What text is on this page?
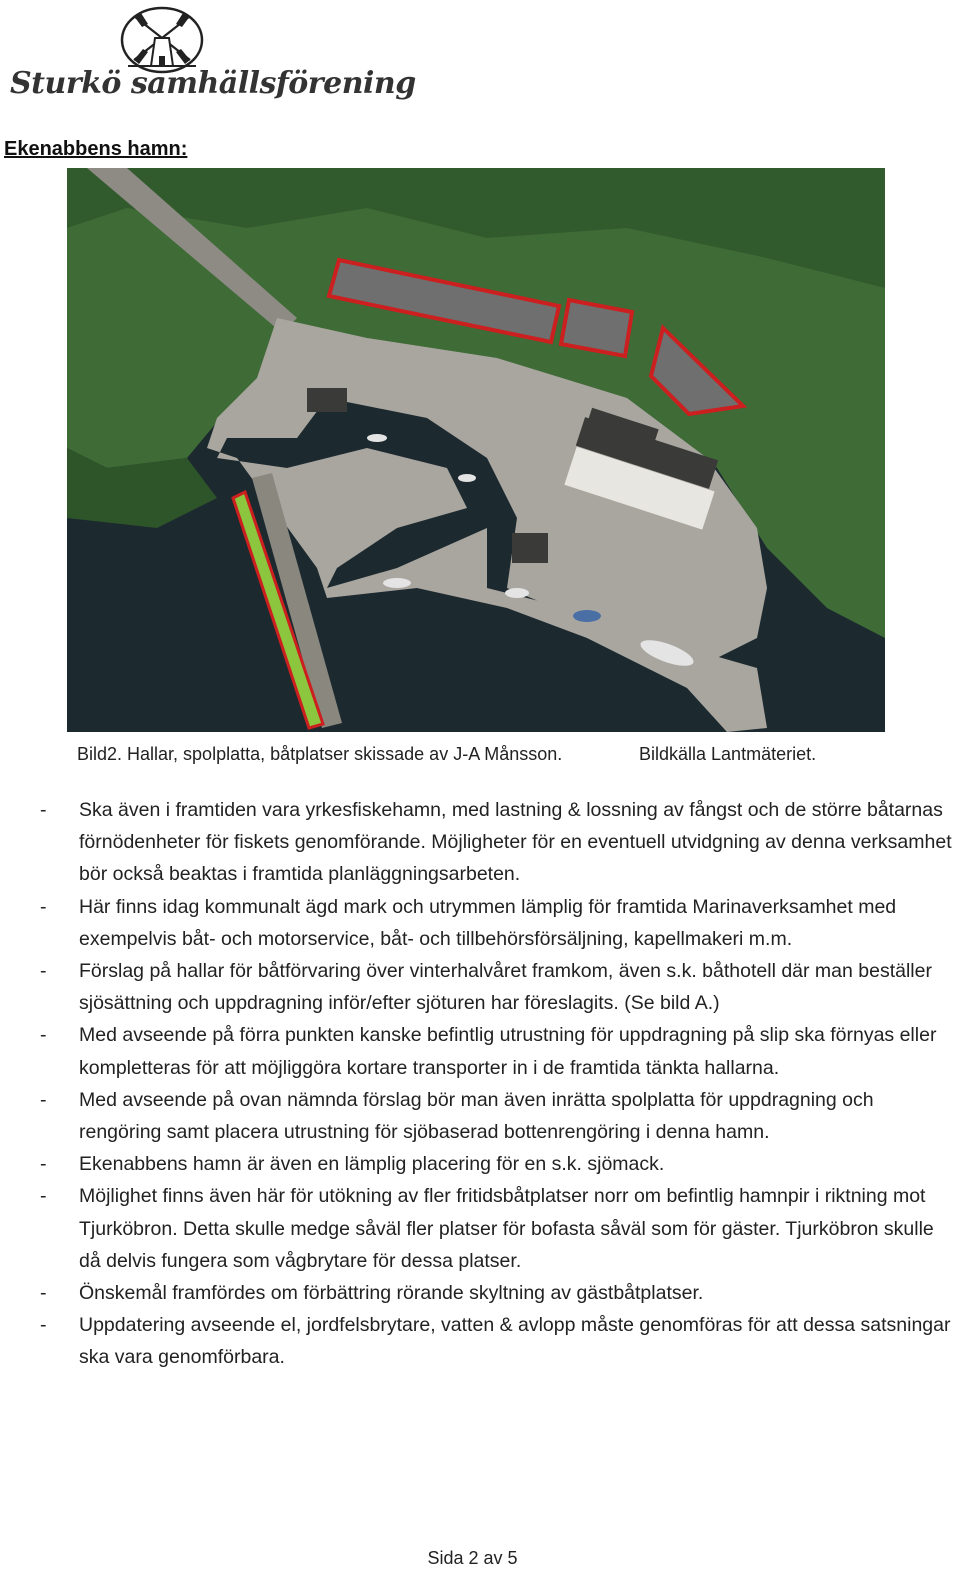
Sturkö samhällsförening
Ekenabbens hamn:
Bild2. Hallar, spolplatta, båtplatser skissade av J-A Månsson.	Bildkälla Lantmäteriet.
- Ska även i framtiden vara yrkesfiskehamn, med lastning & lossning av fångst och de större båtarnas förnödenheter för fiskets genomförande. Möjligheter för en eventuell utvidgning av denna verksamhet bör också beaktas i framtida planläggningsarbeten.
- Här finns idag kommunalt ägd mark och utrymmen lämplig för framtida Marinaverksamhet med exempelvis båt- och motorservice, båt- och tillbehörsförsäljning, kapellmakeri m.m.
- Förslag på hallar för båtförvaring över vinterhalvåret framkom, även s.k. båthotell där man beställer sjösättning och uppdragning inför/efter sjöturen har föreslagits. (Se bild A.)
- Med avseende på förra punkten kanske befintlig utrustning för uppdragning på slip ska förnyas eller kompletteras för att möjliggöra kortare transporter in i de framtida tänkta hallarna.
- Med avseende på ovan nämnda förslag bör man även inrätta spolplatta för uppdragning och rengöring samt placera utrustning för sjöbaserad bottenrengöring i denna hamn.
- Ekenabbens hamn är även en lämplig placering för en s.k. sjömack.
- Möjlighet finns även här för utökning av fler fritidsbåtplatser norr om befintlig hamnpir i riktning mot Tjurköbron. Detta skulle medge såväl fler platser för bofasta såväl som för gäster. Tjurköbron skulle då delvis fungera som vågbrytare för dessa platser.
- Önskemål framfördes om förbättring rörande skyltning av gästbåtplatser.
- Uppdatering avseende el, jordfelsbrytare, vatten & avlopp måste genomföras för att dessa satsningar ska vara genomförbara.
Sida 2 av 5
